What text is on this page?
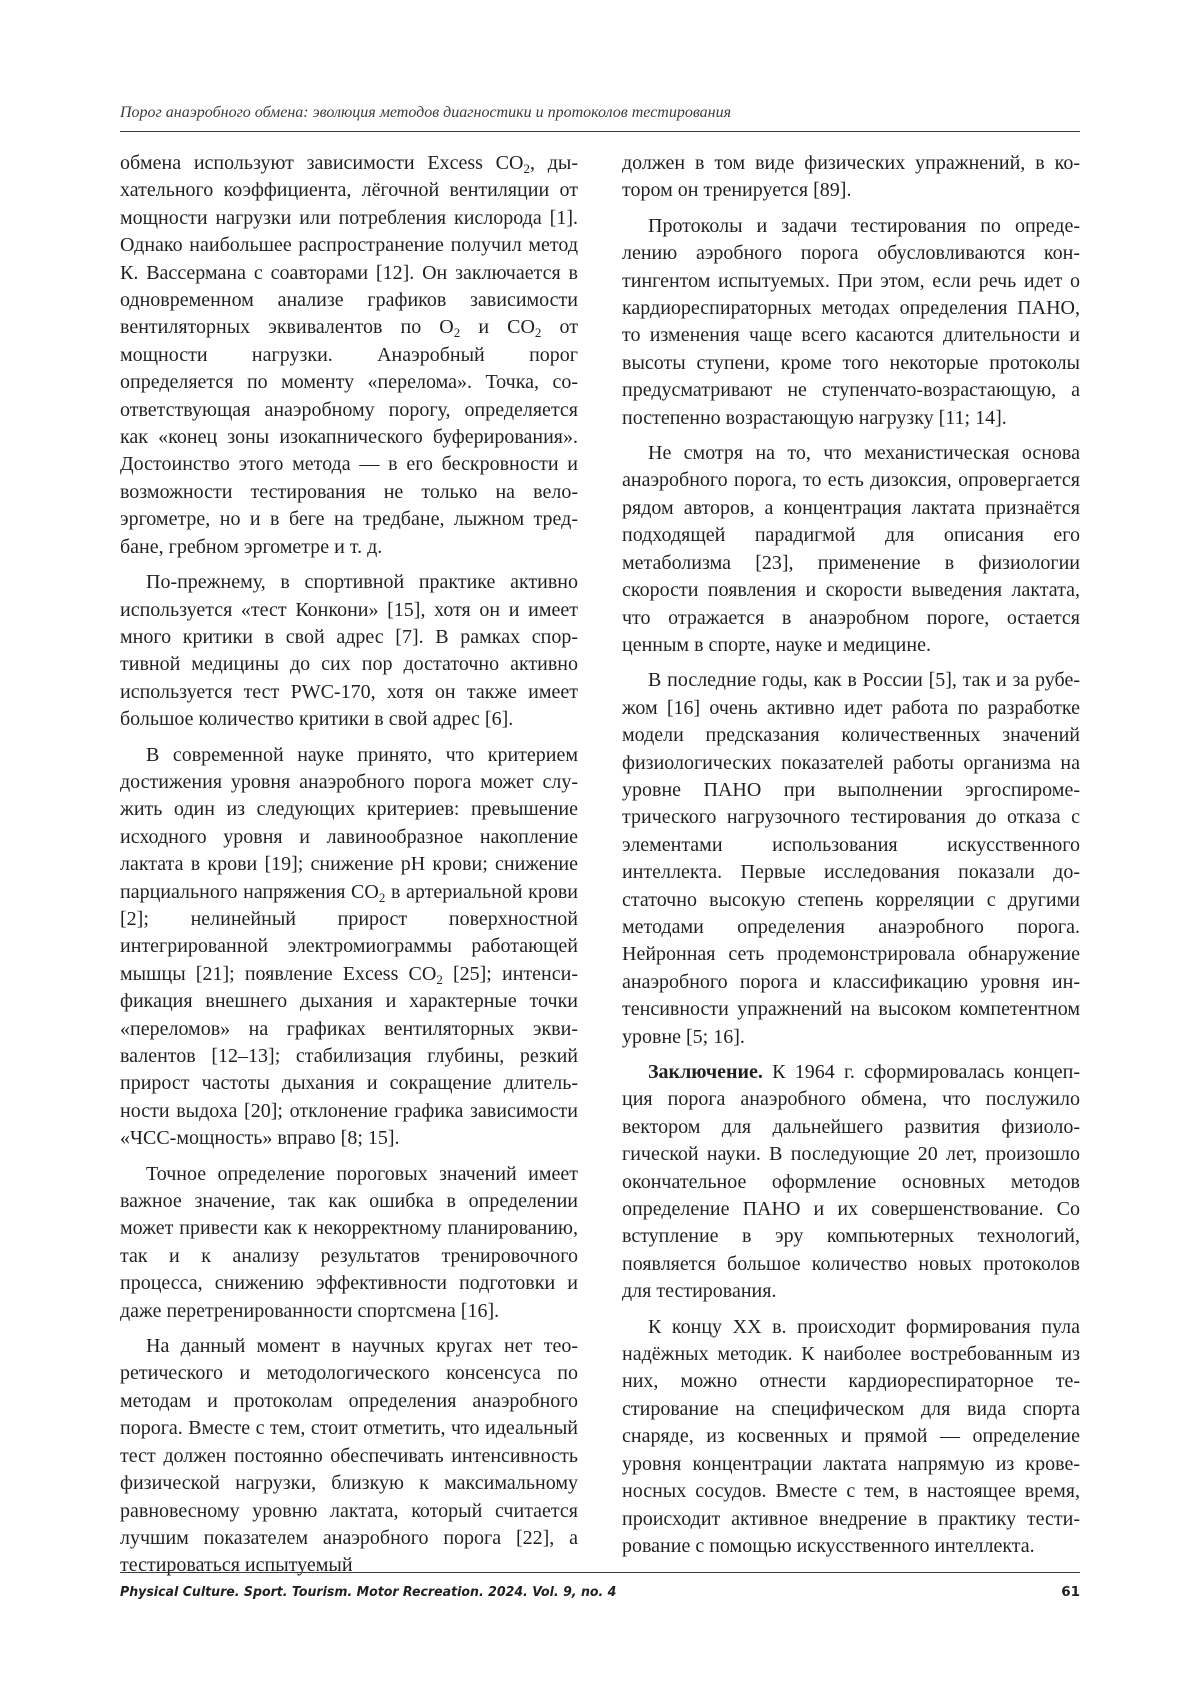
Порог анаэробного обмена: эволюция методов диагностики и протоколов тестирования

обмена используют зависимости Excess $CO_2$, дыхательного коэффициента, лёгочной вентиляции от мощности нагрузки или потребления кислорода [1]. Однако наибольшее распространение получил метод К. Вассермана с соавторами [12]. Он заключается в одновременном анализе графиков зависимости вентиляторных эквивалентов по $O_2$ и $CO_2$ от мощности нагрузки. Анаэробный порог определяется по моменту «перелома». Точка, соответствующая анаэробному порогу, определяется как «конец зоны изокапнического буферирования». Достоинство этого метода — в его бескровности и возможности тестирования не только на велоэргометре, но и в беге на тредбане, лыжном тредбане, гребном эргометре и т. д.

По-прежнему, в спортивной практике активно используется «тест Конкони» [15], хотя он и имеет много критики в свой адрес [7]. В рамках спортивной медицины до сих пор достаточно активно используется тест PWC-170, хотя он также имеет большое количество критики в свой адрес [6].

В современной науке принято, что критерием достижения уровня анаэробного порога может служить один из следующих критериев: превышение исходного уровня и лавинообразное накопление лактата в крови [19]; снижение pH крови; снижение парциального напряжения $CO_2$ в артериальной крови [2]; нелинейный прирост поверхностной интегрированной электромиограммы работающей мышцы [21]; появление Excess $CO_2$ [25]; интенсификация внешнего дыхания и характерные точки «переломов» на графиках вентиляторных эквивалентов [12–13]; стабилизация глубины, резкий прирост частоты дыхания и сокращение длительности выдоха [20]; отклонение графика зависимости «ЧСС-мощность» вправо [8; 15].

Точное определение пороговых значений имеет важное значение, так как ошибка в определении может привести как к некорректному планированию, так и к анализу результатов тренировочного процесса, снижению эффективности подготовки и даже перетренированности спортсмена [16].

На данный момент в научных кругах нет теоретического и методологического консенсуса по методам и протоколам определения анаэробного порога. Вместе с тем, стоит отметить, что идеальный тест должен постоянно обеспечивать интенсивность физической нагрузки, близкую к максимальному равновесному уровню лактата, который считается лучшим показателем анаэробного порога [22], а тестироваться испытуемый

должен в том виде физических упражнений, в котором он тренируется [89].

Протоколы и задачи тестирования по определению аэробного порога обусловливаются контингентом испытуемых. При этом, если речь идет о кардиореспираторных методах определения ПАНО, то изменения чаще всего касаются длительности и высоты ступени, кроме того некоторые протоколы предусматривают не ступенчато-возрастающую, а постепенно возрастающую нагрузку [11; 14].

Не смотря на то, что механистическая основа анаэробного порога, то есть дизоксия, опровергается рядом авторов, а концентрация лактата признаётся подходящей парадигмой для описания его метаболизма [23], применение в физиологии скорости появления и скорости выведения лактата, что отражается в анаэробном пороге, остается ценным в спорте, науке и медицине.

В последние годы, как в России [5], так и за рубежом [16] очень активно идет работа по разработке модели предсказания количественных значений физиологических показателей работы организма на уровне ПАНО при выполнении эргоспирометрического нагрузочного тестирования до отказа с элементами использования искусственного интеллекта. Первые исследования показали достаточно высокую степень корреляции с другими методами определения анаэробного порога. Нейронная сеть продемонстрировала обнаружение анаэробного порога и классификацию уровня интенсивности упражнений на высоком компетентном уровне [5; 16].

Заключение. К 1964 г. сформировалась концепция порога анаэробного обмена, что послужило вектором для дальнейшего развития физиологической науки. В последующие 20 лет, произошло окончательное оформление основных методов определение ПАНО и их совершенствование. Со вступление в эру компьютерных технологий, появляется большое количество новых протоколов для тестирования.

К концу XX в. происходит формирования пула надёжных методик. К наиболее востребованным из них, можно отнести кардиореспираторное тестирование на специфическом для вида спорта снаряде, из косвенных и прямой — определение уровня концентрации лактата напрямую из кровеносных сосудов. Вместе с тем, в настоящее время, происходит активное внедрение в практику тестирование с помощью искусственного интеллекта.

Physical Culture. Sport. Tourism. Motor Recreation. 2024. Vol. 9, no. 4	61
